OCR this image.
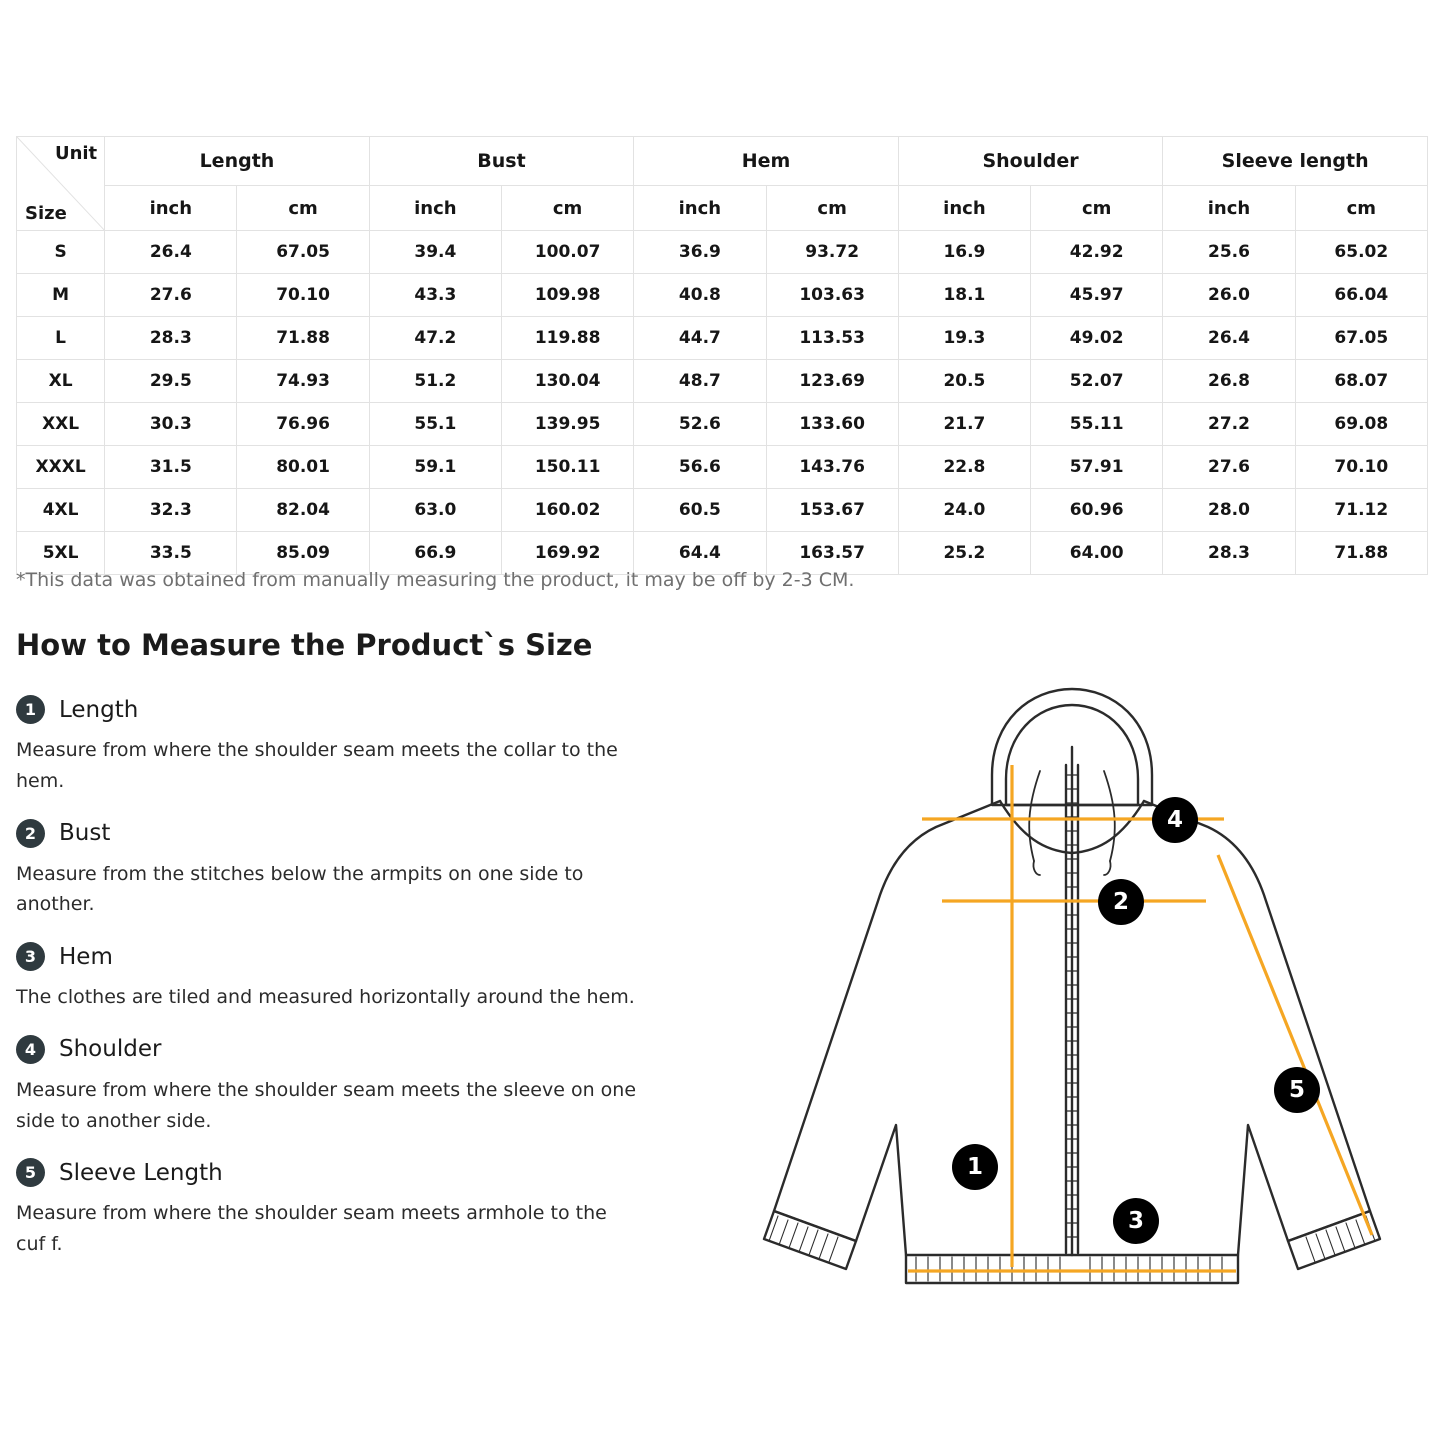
Unit
Size	Length		Bust		Hem		Shoulder		Sleeve length	
	inch	cm	inch	cm	inch	cm	inch	cm	inch	cm
S	26.4	67.05	39.4	100.07	36.9	93.72	16.9	42.92	25.6	65.02
M	27.6	70.10	43.3	109.98	40.8	103.63	18.1	45.97	26.0	66.04
L	28.3	71.88	47.2	119.88	44.7	113.53	19.3	49.02	26.4	67.05
XL	29.5	74.93	51.2	130.04	48.7	123.69	20.5	52.07	26.8	68.07
XXL	30.3	76.96	55.1	139.95	52.6	133.60	21.7	55.11	27.2	69.08
XXXL	31.5	80.01	59.1	150.11	56.6	143.76	22.8	57.91	27.6	70.10
4XL	32.3	82.04	63.0	160.02	60.5	153.67	24.0	60.96	28.0	71.12
5XL	33.5	85.09	66.9	169.92	64.4	163.57	25.2	64.00	28.3	71.88
*This data was obtained from manually measuring the product, it may be off by 2-3 CM.
How to Measure the Product`s Size
1 Length
Measure from where the shoulder seam meets the collar to the hem.
2 Bust
Measure from the stitches below the armpits on one side to another.
3 Hem
The clothes are tiled and measured horizontally around the hem.
4 Shoulder
Measure from where the shoulder seam meets the sleeve on one side to another side.
5 Sleeve Length
Measure from where the shoulder seam meets armhole to the cuf f.
4
2
5
1
3
